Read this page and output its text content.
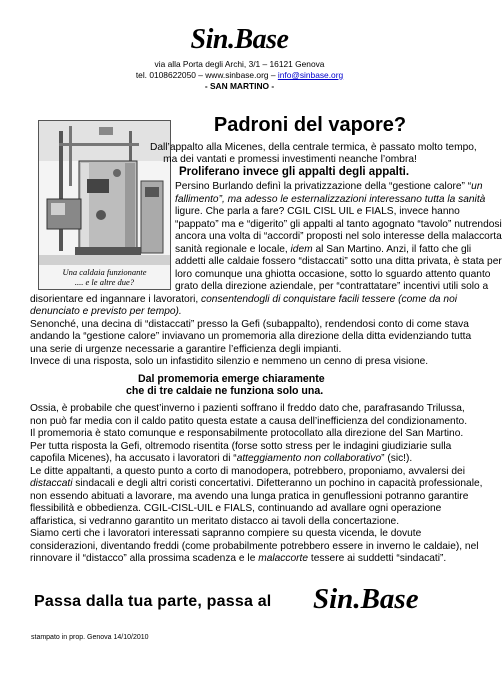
Sin.Base
via alla Porta degli Archi, 3/1 – 16121 Genova
tel. 0108622050 – www.sinbase.org – info@sinbase.org
- SAN MARTINO -
Una caldaia funzionante
.... e le altre due?
Padroni del vapore?
Dall’appalto alla Micenes, della centrale termica, è passato molto tempo,
ma dei vantati e promessi investimenti neanche l’ombra!
Proliferano invece gli appalti degli appalti.
Persino Burlando definì la privatizzazione della “gestione calore” “un
fallimento”, ma adesso le esternalizzazioni interessano tutta la sanità
ligure. Che parla a fare? CGIL CISL UIL e FIALS, invece hanno
“pappato” ma e “digerito” gli appalti al tanto agognato “tavolo” nutrendosi
ancora una volta di “accordi” proposti nel solo interesse della malaccorta
sanità regionale e locale, idem al San Martino. Anzi, il fatto che gli
addetti alle caldaie fossero “distaccati” sotto una ditta privata, è stata per
loro comunque una ghiotta occasione, sotto lo sguardo attento quanto
grato della direzione aziendale, per “contrattatare” incentivi utili solo a
disorientare ed ingannare i lavoratori, consentendogli di conquistare facili tessere (come da noi
denunciato e previsto per tempo).
Senonché, una decina di “distaccati” presso la Gefi (subappalto), rendendosi conto di come stava
andando la “gestione calore” inviavano un promemoria alla direzione della ditta evidenziando tutta
una serie di urgenze necessarie a garantire l’efficienza degli impianti.
Invece di una risposta, solo un infastidito silenzio e nemmeno un cenno di presa visione.
Dal promemoria emerge chiaramente
che di tre caldaie ne funziona solo una.
Ossia, è probabile che quest’inverno i pazienti soffrano il freddo dato che, parafrasando Trilussa,
non può far media con il caldo patito questa estate a causa dell’inefficienza del condizionamento.
Il promemoria è stato comunque e responsabilmente protocollato alla direzione del San Martino.
Per tutta risposta la Gefi, oltremodo risentita (forse sotto stress per le indagini giudiziarie sulla
capofila Micenes), ha accusato i lavoratori di “atteggiamento non collaborativo” (sic!).
Le ditte appaltanti, a questo punto a corto di manodopera, potrebbero, proponiamo, avvalersi dei
distaccati sindacali e degli altri coristi concertativi. Difetteranno un pochino in capacità professionale,
non essendo abituati a lavorare, ma avendo una lunga pratica in genuflessioni potranno garantire
flessibilità e obbedienza. CGIL-CISL-UIL e FIALS, continuando ad avallare ogni operazione
affaristica, si vedranno garantito un meritato distacco ai tavoli della concertazione.
Siamo certi che i lavoratori interessati sapranno compiere su questa vicenda, le dovute
considerazioni, diventando freddi (come probabilmente potrebbero essere in inverno le caldaie), nel
rinnovare il “distacco” alla prossima scadenza e le malaccorte tessere ai suddetti “sindacati”.
Passa dalla tua parte, passa al Sin.Base
stampato in prop. Genova 14/10/2010
